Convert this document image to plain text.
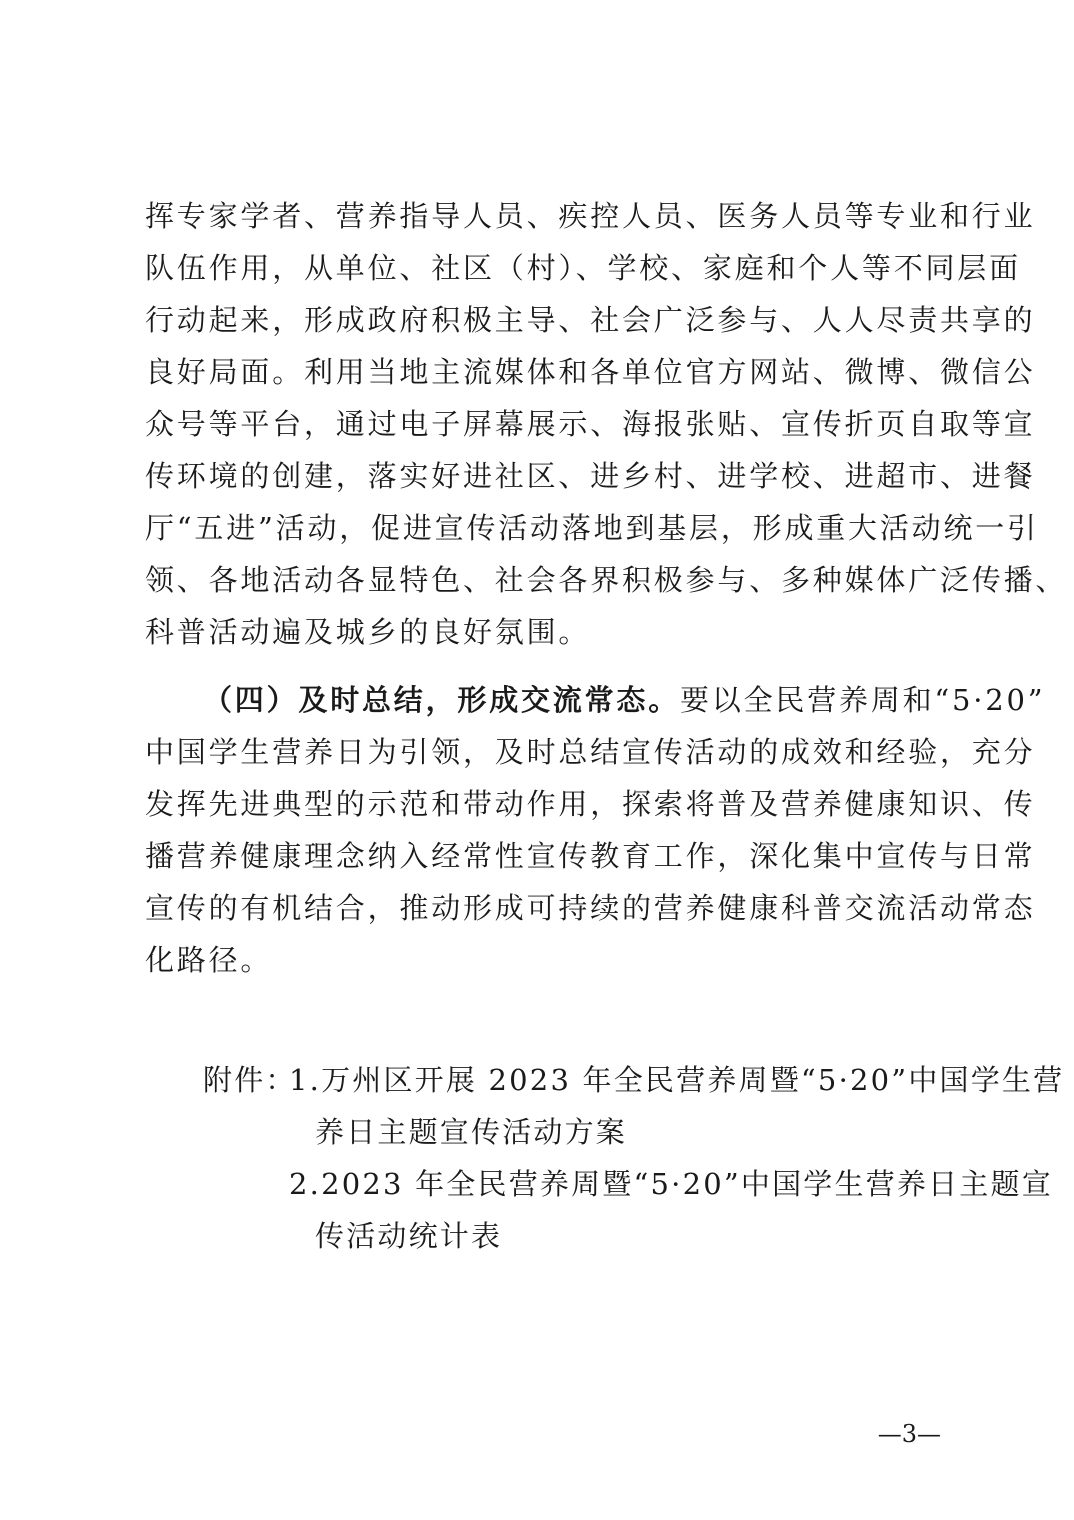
挥专家学者、营养指导人员、疾控人员、医务人员等专业和行业
队伍作用，从单位、社区（村）、学校、家庭和个人等不同层面
行动起来，形成政府积极主导、社会广泛参与、人人尽责共享的
良好局面。利用当地主流媒体和各单位官方网站、微博、微信公
众号等平台，通过电子屏幕展示、海报张贴、宣传折页自取等宣
传环境的创建，落实好进社区、进乡村、进学校、进超市、进餐
厅“五进”活动，促进宣传活动落地到基层，形成重大活动统一引
领、各地活动各显特色、社会各界积极参与、多种媒体广泛传播、
科普活动遍及城乡的良好氛围。
（四）及时总结，形成交流常态。要以全民营养周和“5·20”
中国学生营养日为引领，及时总结宣传活动的成效和经验，充分
发挥先进典型的示范和带动作用，探索将普及营养健康知识、传
播营养健康理念纳入经常性宣传教育工作，深化集中宣传与日常
宣传的有机结合，推动形成可持续的营养健康科普交流活动常态
化路径。
附件：
1.万州区开展 2023 年全民营养周暨“5·20”中国学生营
养日主题宣传活动方案
2.2023 年全民营养周暨“5·20”中国学生营养日主题宣
传活动统计表
—3—
